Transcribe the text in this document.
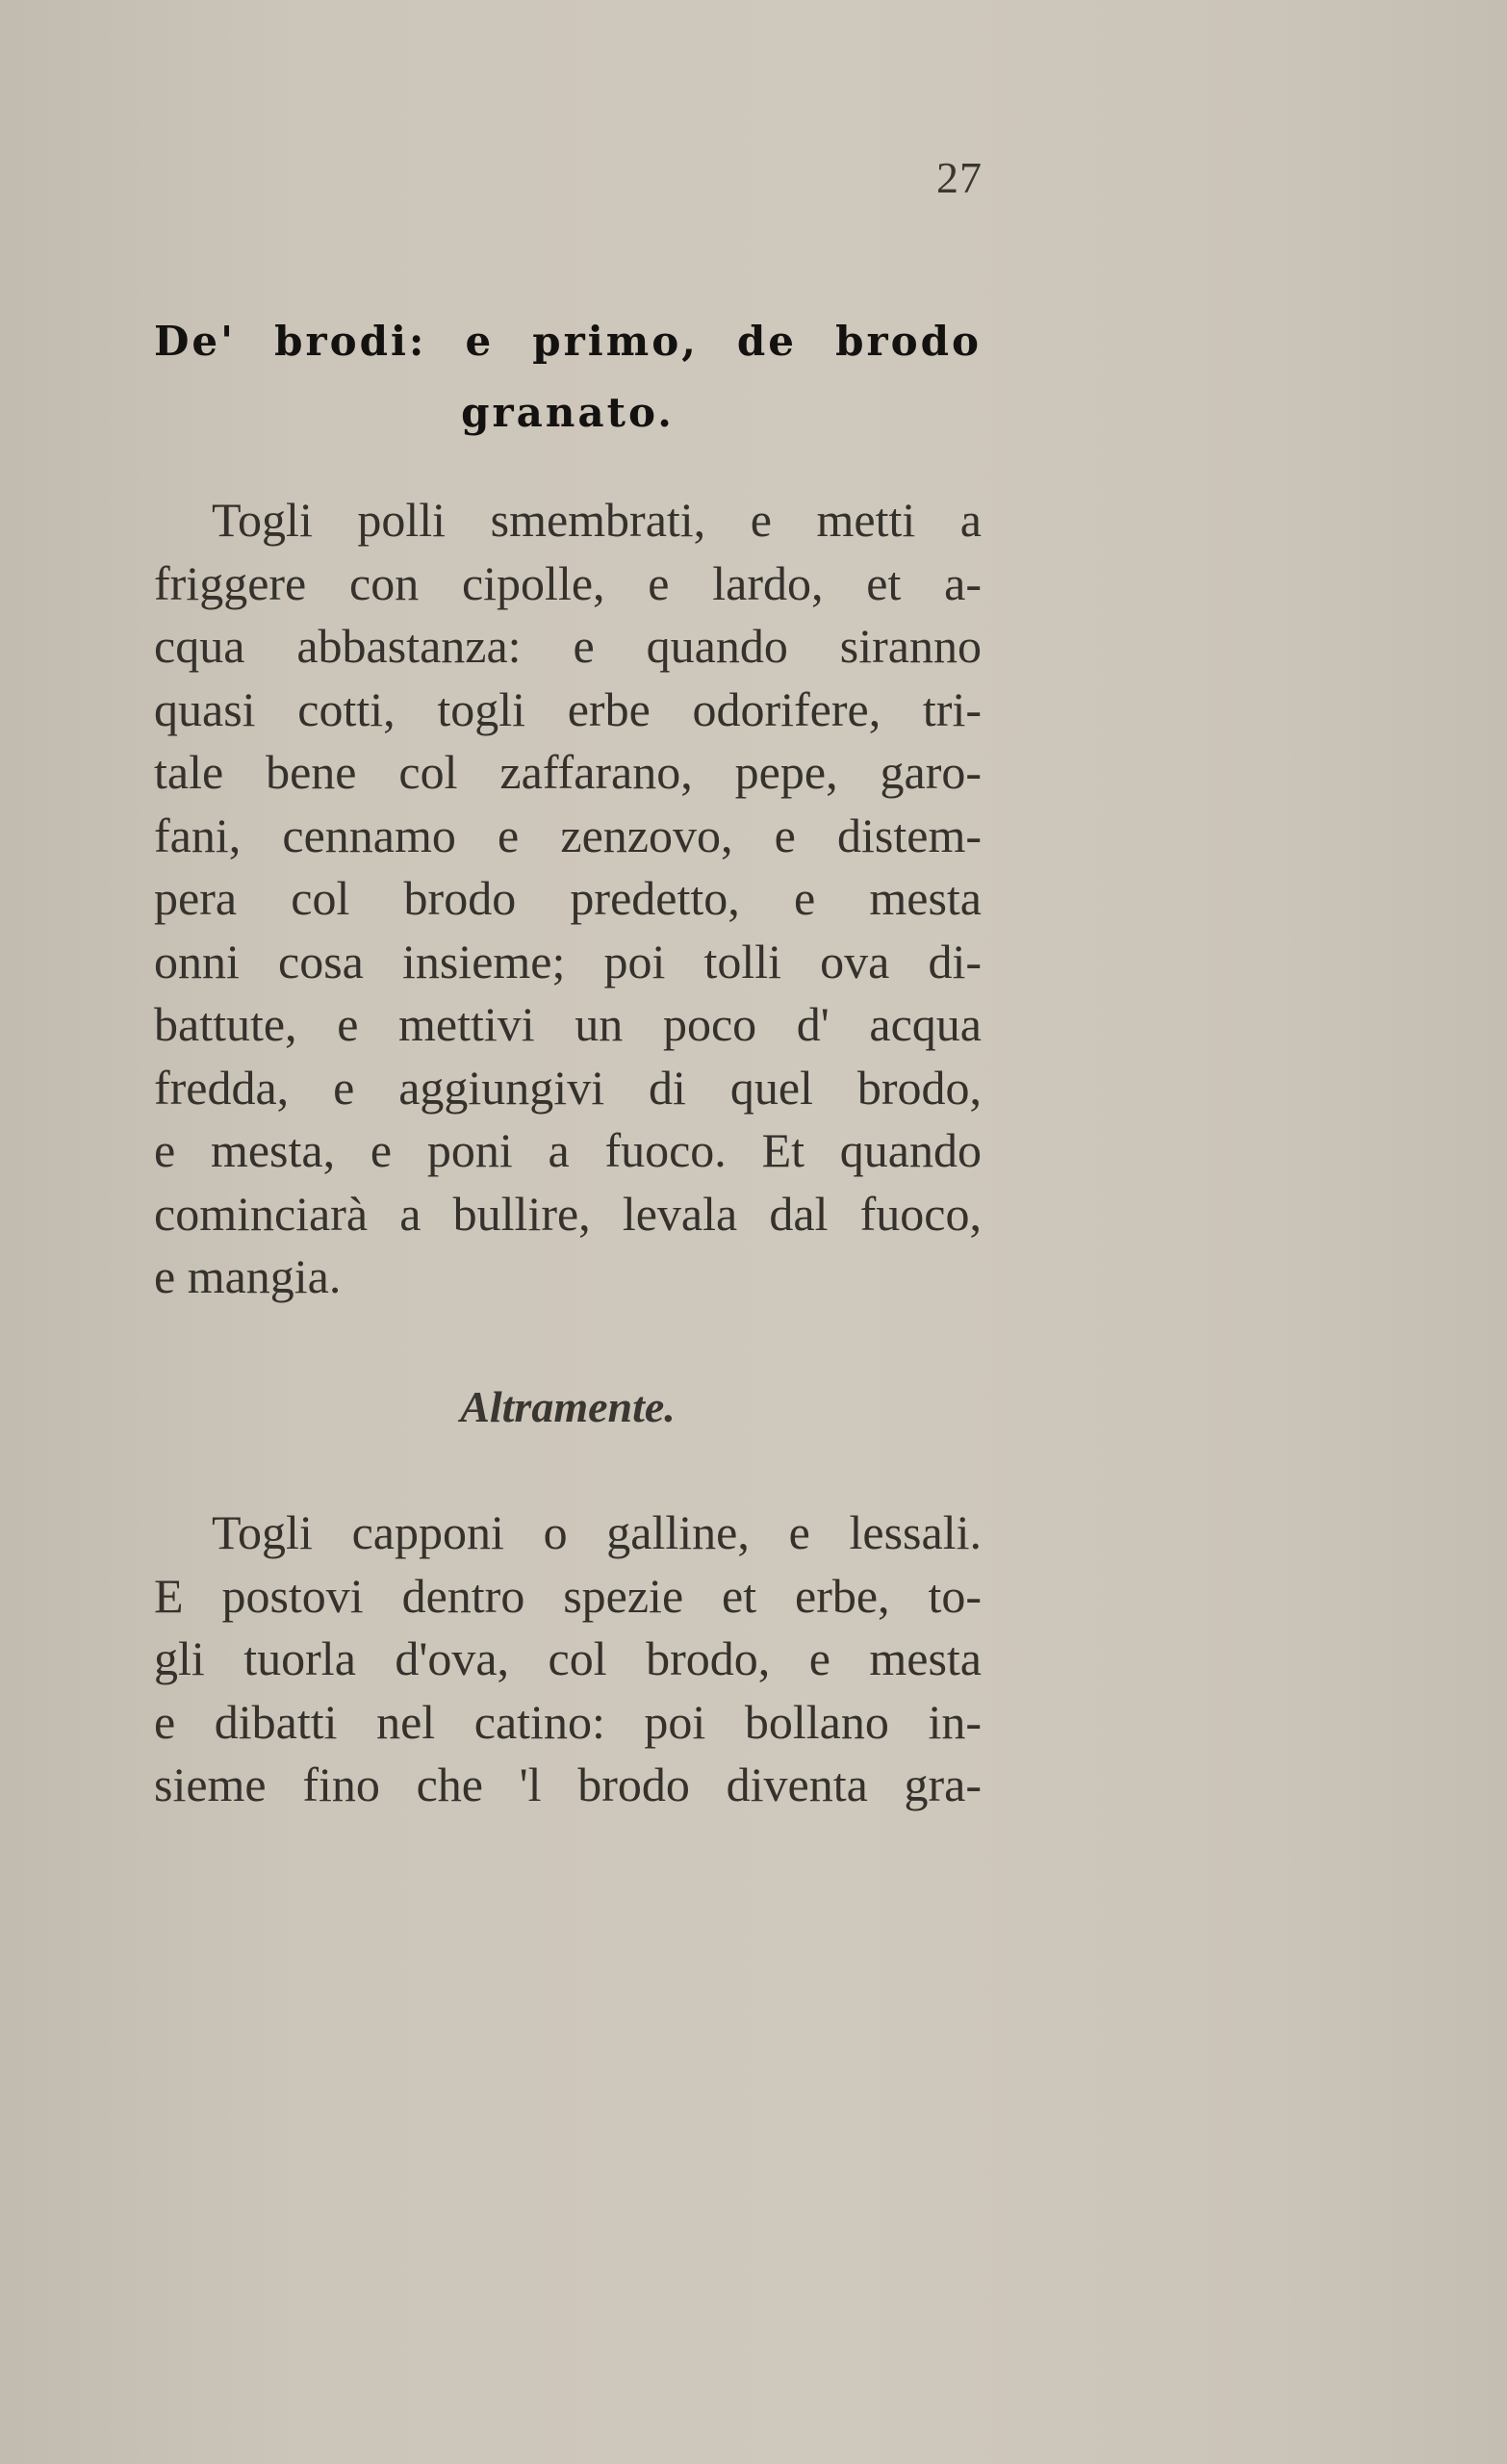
27
De' brodi: e primo, de brodo
granato.

Togli polli smembrati, e metti a
friggere con cipolle, e lardo, et a-
cqua abbastanza: e quando siranno
quasi cotti, togli erbe odorifere, tri-
tale bene col zaffarano, pepe, garo-
fani, cennamo e zenzovo, e distem-
pera col brodo predetto, e mesta
onni cosa insieme; poi tolli ova di-
battute, e mettivi un poco d' acqua
fredda, e aggiungivi di quel brodo,
e mesta, e poni a fuoco. Et quando
cominciarà a bullire, levala dal fuoco,
e mangia.

Altramente.

Togli capponi o galline, e lessali.
E postovi dentro spezie et erbe, to-
gli tuorla d'ova, col brodo, e mesta
e dibatti nel catino: poi bollano in-
sieme fino che 'l brodo diventa gra-
